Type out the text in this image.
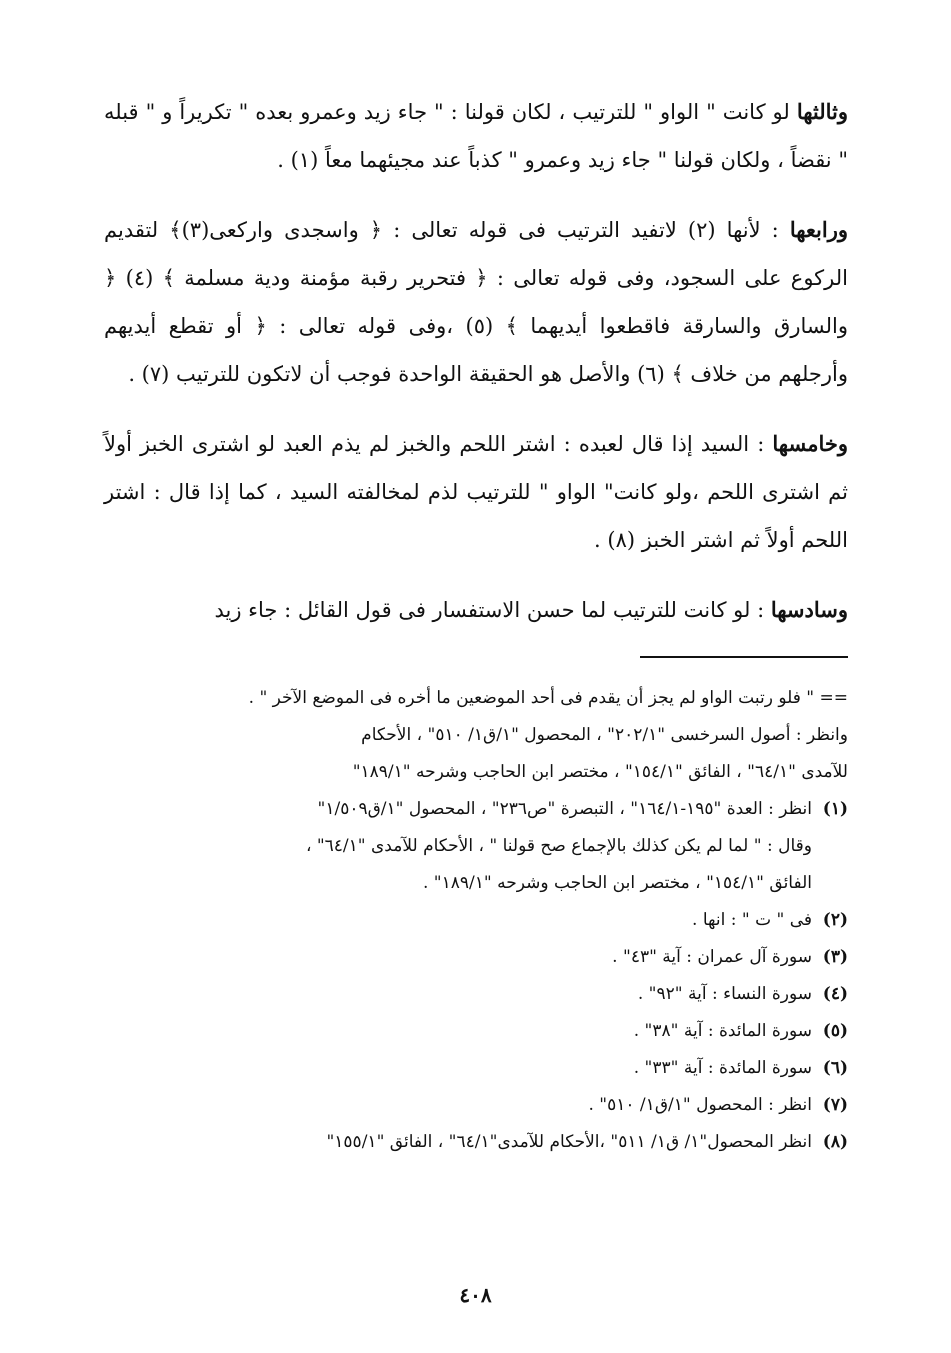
وثالثها لو كانت " الواو " للترتيب ، لكان قولنا : " جاء زيد وعمرو بعده " تكريراً و " قبله " نقضاً ، ولكان قولنا " جاء زيد وعمرو " كذباً عند مجيئهما معاً (١) .

ورابعها : لأنها (٢) لاتفيد الترتيب فى قوله تعالى : ﴿ واسجدى واركعى(٣)﴾ لتقديم الركوع على السجود، وفى قوله تعالى : ﴿ فتحرير رقبة مؤمنة ودية مسلمة ﴾ (٤) ﴿ والسارق والسارقة فاقطعوا أيديهما ﴾ (٥) ،وفى قوله تعالى : ﴿ أو تقطع أيديهم وأرجلهم من خلاف ﴾ (٦) والأصل هو الحقيقة الواحدة فوجب أن لاتكون للترتيب (٧) .

وخامسها : السيد إذا قال لعبده : اشتر اللحم والخبز لم يذم العبد لو اشترى الخبز أولاً ثم اشترى اللحم ،ولو كانت" الواو " للترتيب لذم لمخالفته السيد ، كما إذا قال : اشتر اللحم أولاً ثم اشتر الخبز (٨) .

وسادسها : لو كانت للترتيب لما حسن الاستفسار فى قول القائل : جاء زيد

== " فلو رتبت الواو لم يجز أن يقدم فى أحد الموضعين ما أخره فى الموضع الآخر " .
وانظر : أصول السرخسى "٢٠٢/١" ، المحصول "١/ق١/ ٥١٠" ، الأحكام
للآمدى "٦٤/١" ، الفائق "١٥٤/١" ، مختصر ابن الحاجب وشرحه "١٨٩/١"
(١)
انظر : العدة "١٩٥-١٦٤/١" ، التبصرة "ص٢٣٦" ، المحصول "١/ق١/٥٠٩"
وقال : " لما لم يكن كذلك بالإجماع صح قولنا " ، الأحكام للآمدى "٦٤/١" ،
الفائق "١٥٤/١" ، مختصر ابن الحاجب وشرحه "١٨٩/١" .
(٢)
فى " ت " : انها .
(٣)
سورة آل عمران : آية "٤٣" .
(٤)
سورة النساء : آية "٩٢" .
(٥)
سورة المائدة : آية "٣٨" .
(٦)
سورة المائدة : آية "٣٣" .
(٧)
انظر : المحصول "١/ق١/ ٥١٠" .
(٨)
انظر المحصول"١/ ق١/ ٥١١" ،الأحكام للآمدى"٦٤/١" ، الفائق "١٥٥/١"
٤٠٨
